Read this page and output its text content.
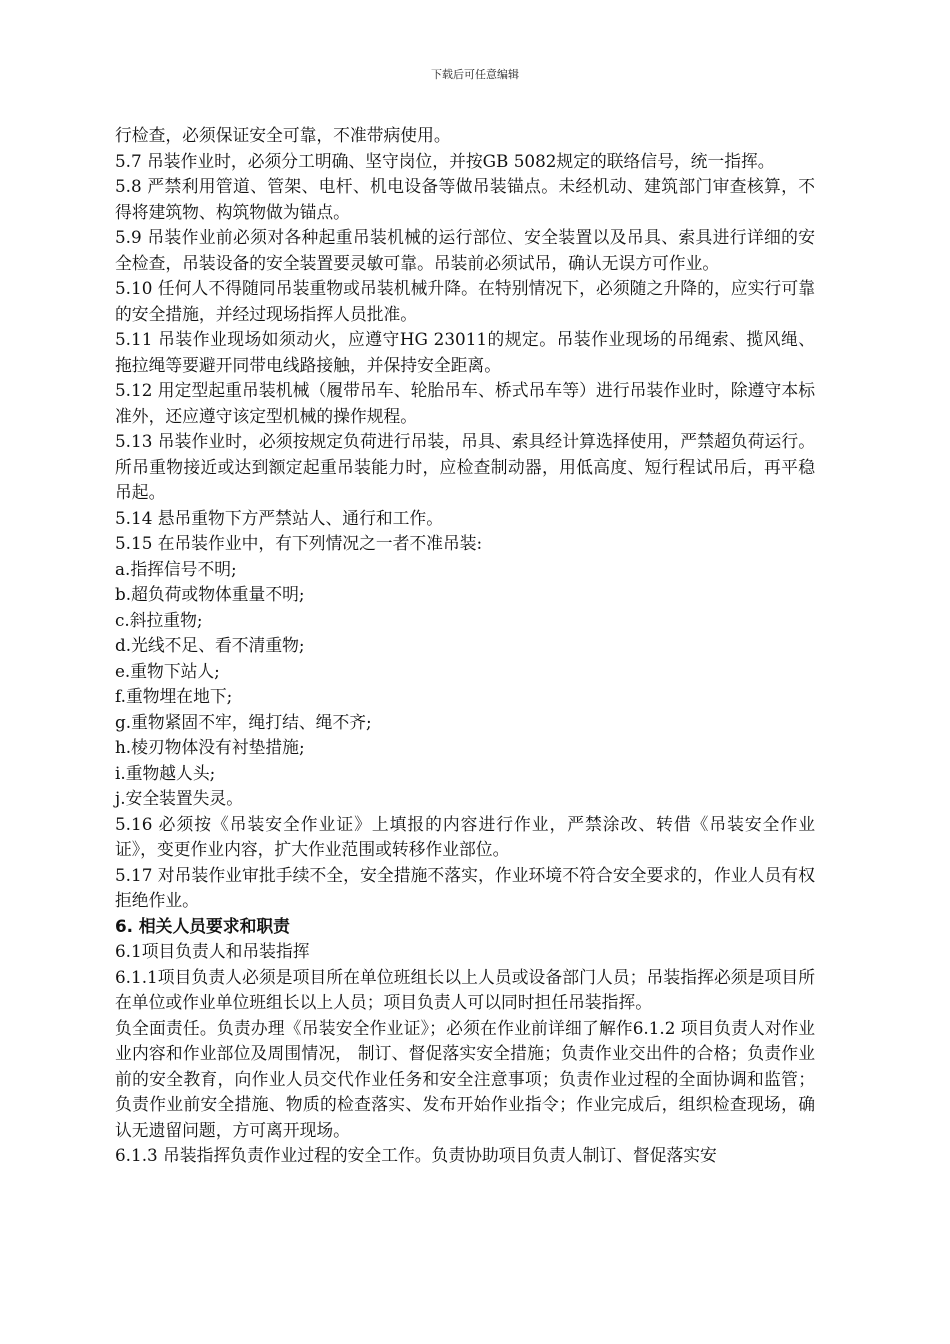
下载后可任意编辑

行检查，必须保证安全可靠，不准带病使用。

5.7 吊装作业时，必须分工明确、坚守岗位，并按GB 5082规定的联络信号，统一指挥。

5.8 严禁利用管道、管架、电杆、机电设备等做吊装锚点。未经机动、建筑部门审查核算，不得将建筑物、构筑物做为锚点。

5.9 吊装作业前必须对各种起重吊装机械的运行部位、安全装置以及吊具、索具进行详细的安全检查，吊装设备的安全装置要灵敏可靠。吊装前必须试吊，确认无误方可作业。

5.10 任何人不得随同吊装重物或吊装机械升降。在特别情况下，必须随之升降的，应实行可靠的安全措施，并经过现场指挥人员批准。

5.11 吊装作业现场如须动火，应遵守HG 23011的规定。吊装作业现场的吊绳索、揽风绳、拖拉绳等要避开同带电线路接触，并保持安全距离。

5.12 用定型起重吊装机械（履带吊车、轮胎吊车、桥式吊车等）进行吊装作业时，除遵守本标准外，还应遵守该定型机械的操作规程。

5.13 吊装作业时，必须按规定负荷进行吊装，吊具、索具经计算选择使用，严禁超负荷运行。所吊重物接近或达到额定起重吊装能力时，应检查制动器，用低高度、短行程试吊后，再平稳吊起。

5.14 悬吊重物下方严禁站人、通行和工作。

5.15 在吊装作业中，有下列情况之一者不准吊装:

a.指挥信号不明;

b.超负荷或物体重量不明;

c.斜拉重物;

d.光线不足、看不清重物;

e.重物下站人;

f.重物埋在地下;

g.重物紧固不牢，绳打结、绳不齐;

h.棱刃物体没有衬垫措施;

i.重物越人头;

j.安全装置失灵。

5.16 必须按《吊装安全作业证》上填报的内容进行作业，严禁涂改、转借《吊装安全作业证》，变更作业内容，扩大作业范围或转移作业部位。

5.17 对吊装作业审批手续不全，安全措施不落实，作业环境不符合安全要求的，作业人员有权拒绝作业。

6. 相关人员要求和职责

6.1项目负责人和吊装指挥

6.1.1项目负责人必须是项目所在单位班组长以上人员或设备部门人员；吊装指挥必须是项目所在单位或作业单位班组长以上人员；项目负责人可以同时担任吊装指挥。
6.1.2 项目负责人对作业

负全面责任。负责办理《吊装安全作业证》；必须在作业前详细了解作业内容和作业部位及周围情况， 制订、督促落实安全措施；负责作业交出件的合格；负责作业前的安全教育，向作业人员交代作业任务和安全注意事项；负责作业过程的全面协调和监管；负责作业前安全措施、物质的检查落实、发布开始作业指令；作业完成后，组织检查现场，确认无遗留问题，方可离开现场。

6.1.3 吊装指挥负责作业过程的安全工作。负责协助项目负责人制订、督促落实安
